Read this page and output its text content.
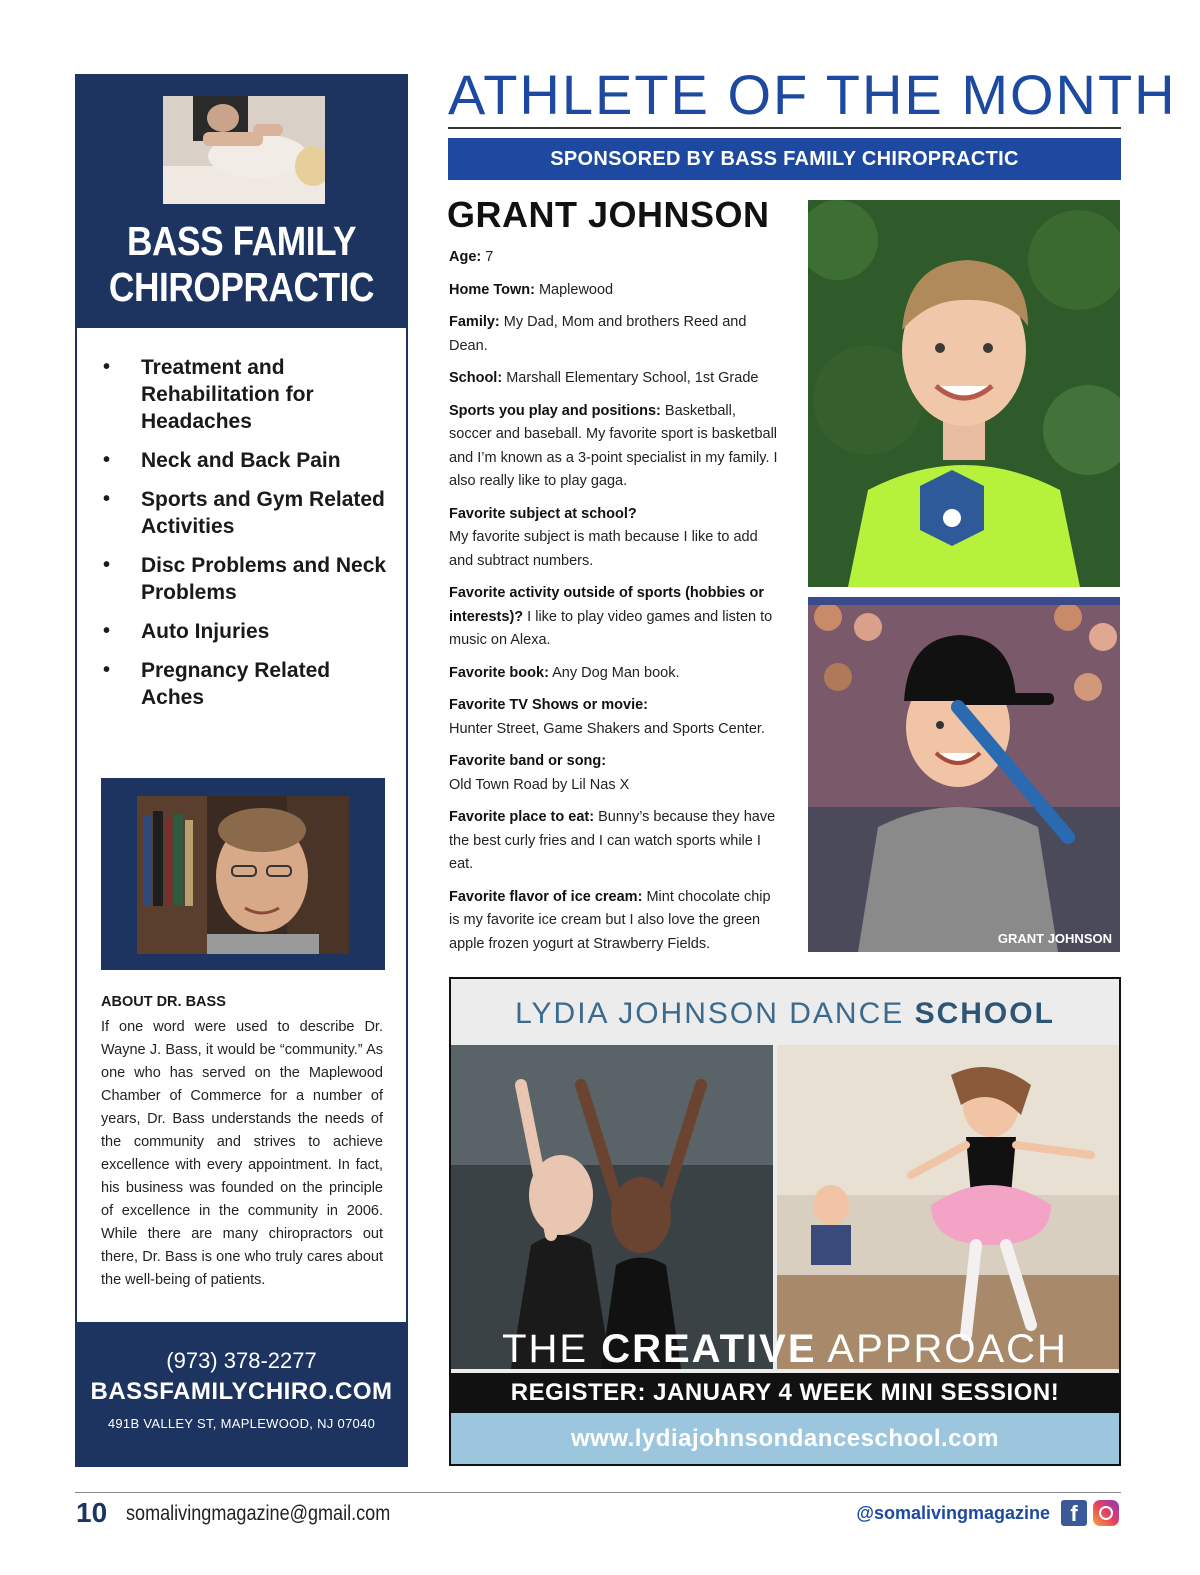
BASS FAMILY
CHIROPRACTIC
• Treatment and Rehabilitation for Headaches
• Neck and Back Pain
• Sports and Gym Related Activities
• Disc Problems and Neck Problems
• Auto Injuries
• Pregnancy Related Aches
ABOUT DR. BASS
If one word were used to describe Dr. Wayne J. Bass, it would be “community.” As one who has served on the Maplewood Chamber of Commerce for a number of years, Dr. Bass understands the needs of the community and strives to achieve excellence with every appointment. In fact, his business was founded on the principle of excellence in the community in 2006. While there are many chiropractors out there, Dr. Bass is one who truly cares about the well-being of patients.
(973) 378-2277
BASSFAMILYCHIRO.COM
491B VALLEY ST, MAPLEWOOD, NJ 07040
ATHLETE OF THE MONTH
SPONSORED BY BASS FAMILY CHIROPRACTIC
GRANT JOHNSON

Age: 7

Home Town: Maplewood

Family: My Dad, Mom and brothers Reed and Dean.

School: Marshall Elementary School, 1st Grade

Sports you play and positions: Basketball, soccer and baseball. My favorite sport is basketball and I’m known as a 3-point specialist in my family. I also really like to play gaga.

Favorite subject at school?
My favorite subject is math because I like to add and subtract numbers.

Favorite activity outside of sports (hobbies or interests)? I like to play video games and listen to music on Alexa.

Favorite book: Any Dog Man book.

Favorite TV Shows or movie:
Hunter Street, Game Shakers and Sports Center.

Favorite band or song:
Old Town Road by Lil Nas X

Favorite place to eat: Bunny’s because they have the best curly fries and I can watch sports while I eat.

Favorite flavor of ice cream: Mint chocolate chip is my favorite ice cream but I also love the green apple frozen yogurt at Strawberry Fields.	GRANT JOHNSON
LYDIA JOHNSON DANCE SCHOOL
THE CREATIVE APPROACH
REGISTER: JANUARY 4 WEEK MINI SESSION!
www.lydiajohnsondanceschool.com
10 somalivingmagazine@gmail.com	@somalivingmagazine f
